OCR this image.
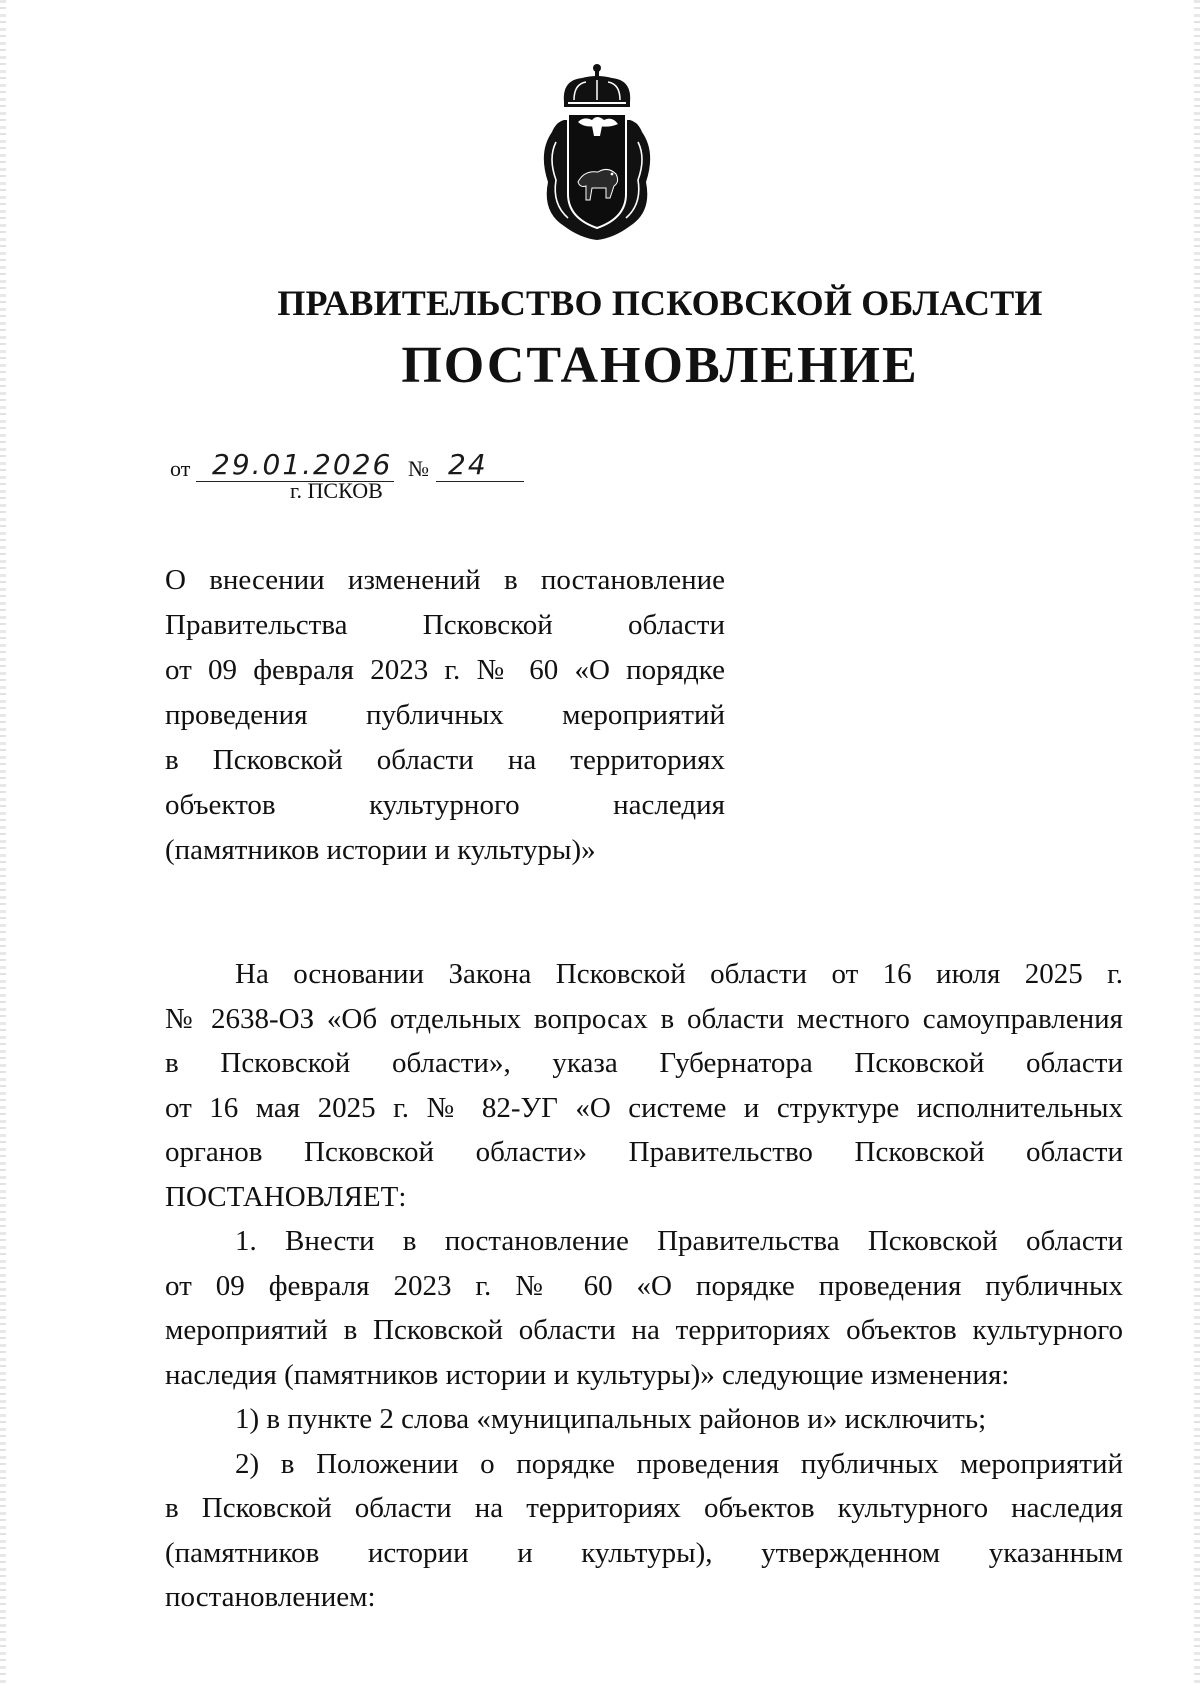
ПРАВИТЕЛЬСТВО ПСКОВСКОЙ ОБЛАСТИ
ПОСТАНОВЛЕНИЕ
от 29.01.2026 № 24
г. ПСКОВ
О внесении изменений в постановление
Правительства Псковской области
от 09 февраля 2023 г. № 60 «О порядке
проведения публичных мероприятий
в Псковской области на территориях
объектов культурного наследия
(памятников истории и культуры)»
На основании Закона Псковской области от 16 июля 2025 г.
№ 2638-ОЗ «Об отдельных вопросах в области местного самоуправления
в Псковской области», указа Губернатора Псковской области
от 16 мая 2025 г. № 82-УГ «О системе и структуре исполнительных
органов Псковской области» Правительство Псковской области
ПОСТАНОВЛЯЕТ:
1. Внести в постановление Правительства Псковской области
от 09 февраля 2023 г. № 60 «О порядке проведения публичных
мероприятий в Псковской области на территориях объектов культурного
наследия (памятников истории и культуры)» следующие изменения:
1) в пункте 2 слова «муниципальных районов и» исключить;
2) в Положении о порядке проведения публичных мероприятий
в Псковской области на территориях объектов культурного наследия
(памятников истории и культуры), утвержденном указанным
постановлением:
